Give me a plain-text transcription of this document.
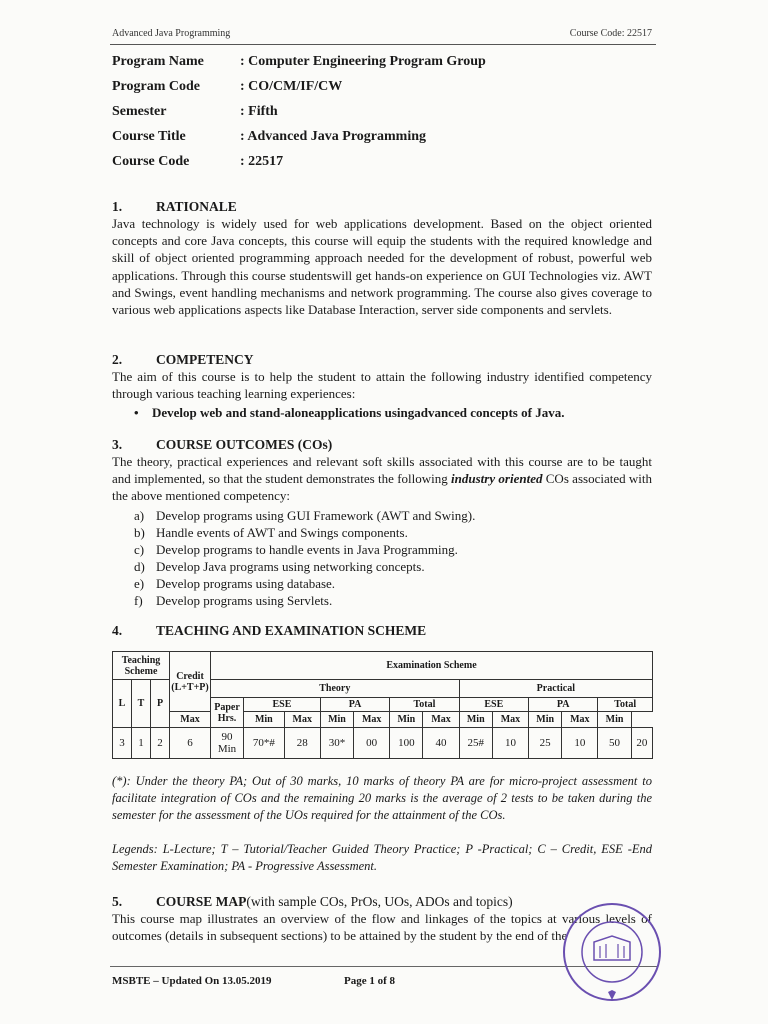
Advanced Java Programming	Course Code: 22517
Program Name	: Computer Engineering Program Group
Program Code	: CO/CM/IF/CW
Semester	: Fifth
Course Title	: Advanced Java Programming
Course Code	: 22517
1.	RATIONALE

Java technology is widely used for web applications development. Based on the object oriented concepts and core Java concepts, this course will equip the students with the required knowledge and skill of object oriented programming approach needed for the development of robust, powerful web applications. Through this course studentswill get hands-on experience on GUI Technologies viz. AWT and Swings, event handling mechanisms and network programming. The course also gives coverage to various web applications aspects like Database Interaction, server side components and servlets.

2.	COMPETENCY

The aim of this course is to help the student to attain the following industry identified competency through various teaching learning experiences:

• Develop web and stand-aloneapplications usingadvanced concepts of Java.
3.	COURSE OUTCOMES (COs)

The theory, practical experiences and relevant soft skills associated with this course are to be taught and implemented, so that the student demonstrates the following industry oriented COs associated with the above mentioned competency:

a) Develop programs using GUI Framework (AWT and Swing).
b) Handle events of AWT and Swings components.
c) Develop programs to handle events in Java Programming.
d) Develop Java programs using networking concepts.
e) Develop programs using database.
f) Develop programs using Servlets.
4.	TEACHING AND EXAMINATION SCHEME
Teaching Scheme			Credit (L+T+P)	Examination Scheme												
L	T	P		Theory							Practical					
				Paper Hrs.	ESE		PA		Total		ESE		PA		Total	
			Max		Min	Max	Min	Max	Min	Max	Min	Max	Min	Max	Min	
3	1	2	6	90 Min	70*#	28	30*	00	100	40	25#	10	25	10	50	20
(*): Under the theory PA; Out of 30 marks, 10 marks of theory PA are for micro-project assessment to facilitate integration of COs and the remaining 20 marks is the average of 2 tests to be taken during the semester for the assessment of the UOs required for the attainment of the COs.
Legends: L-Lecture; T – Tutorial/Teacher Guided Theory Practice; P -Practical; C – Credit, ESE -End Semester Examination; PA - Progressive Assessment.
5.	COURSE MAP(with sample COs, PrOs, UOs, ADOs and topics)

This course map illustrates an overview of the flow and linkages of the topics at various levels of outcomes (details in subsequent sections) to be attained by the student by the end of the

MSBTE – Updated On 13.05.2019	Page 1 of 8
